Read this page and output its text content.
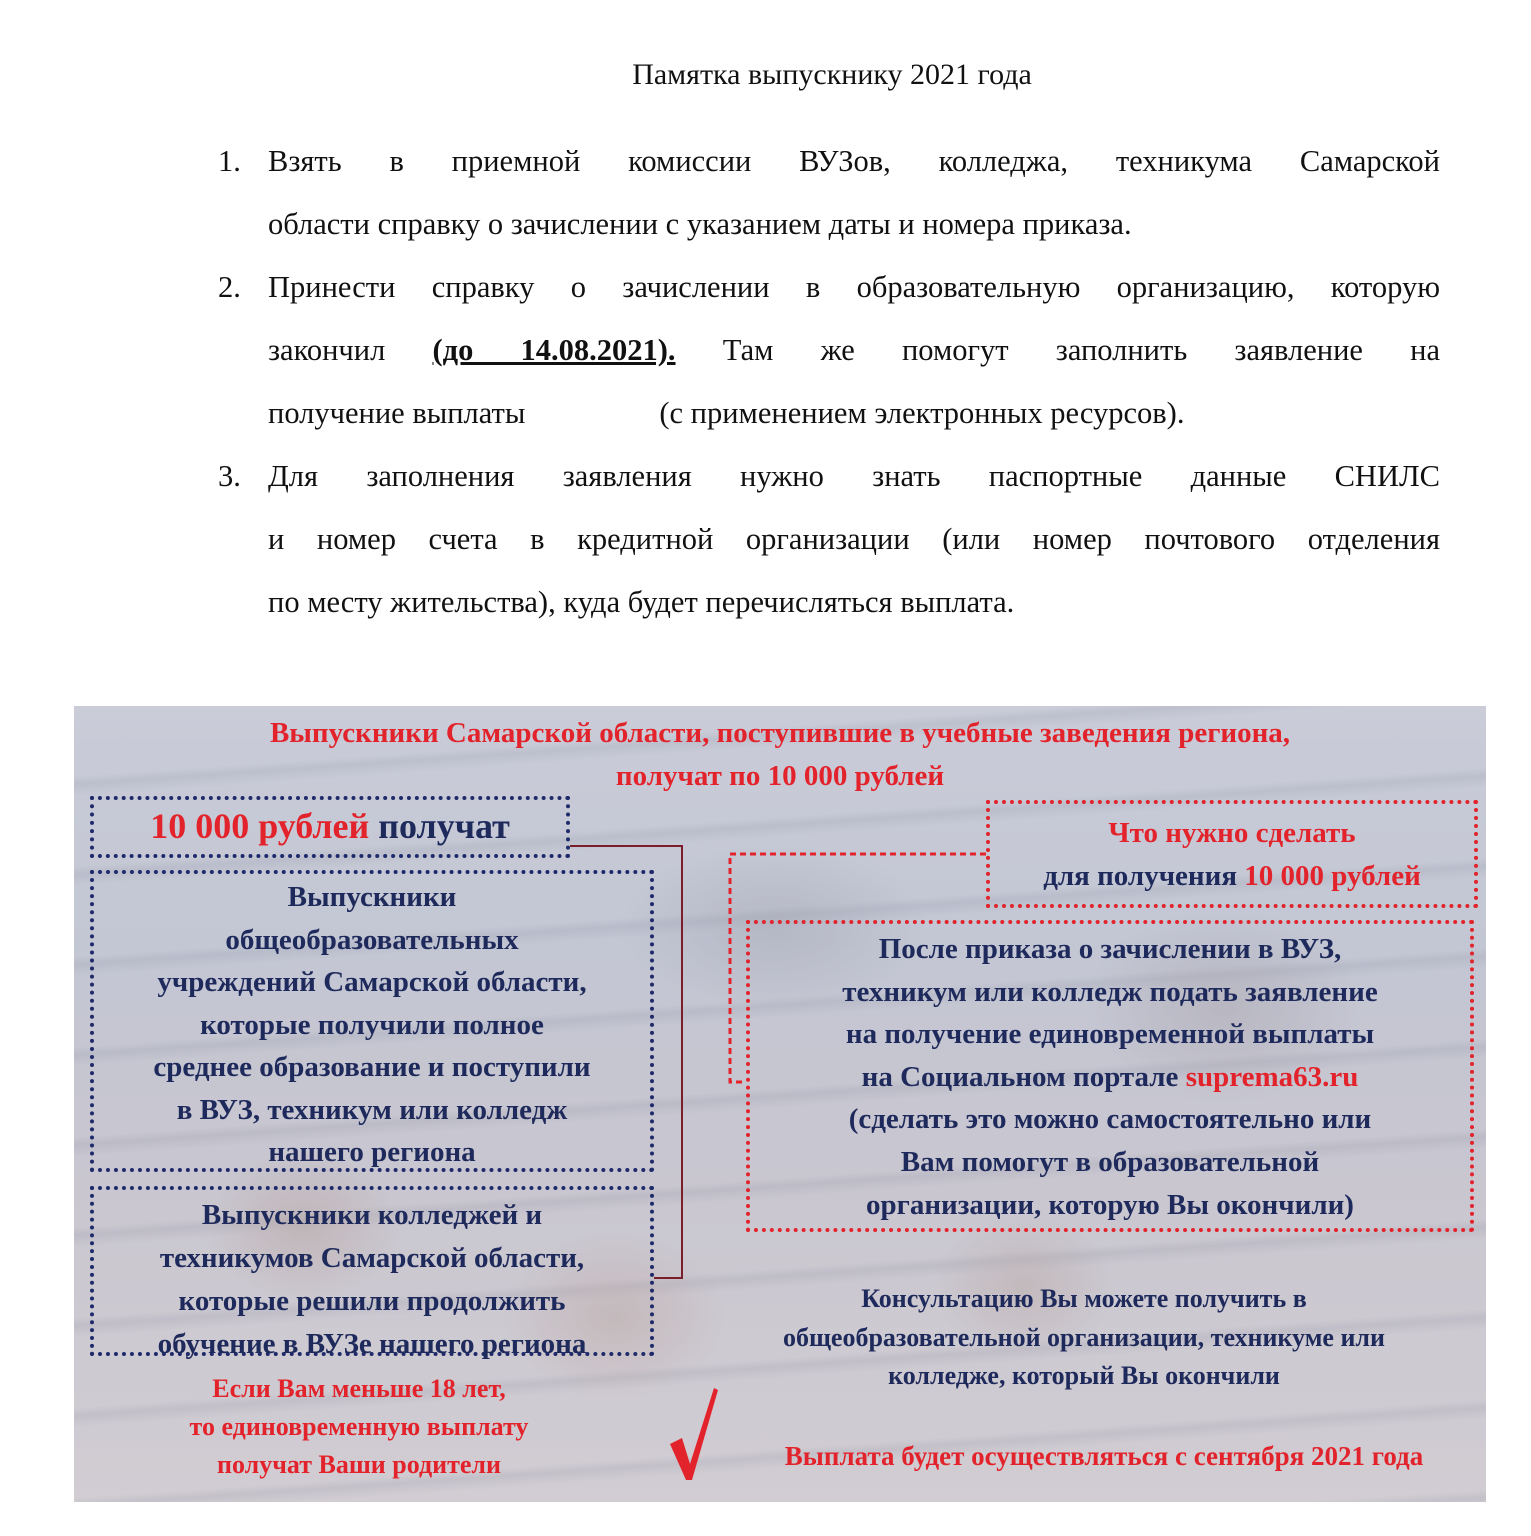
Памятка выпускнику 2021 года
1. Взять в приемной комиссии ВУЗов, колледжа, техникума Самарской
области справку о зачислении с указанием даты и номера приказа.
2. Принести справку о зачислении в образовательную организацию, которую
закончил (до 14.08.2021). Там же помогут заполнить заявление на
получение выплаты	(с применением электронных ресурсов).
3. Для заполнения заявления нужно знать паспортные данные СНИЛС
и номер счета в кредитной организации (или номер почтового отделения
по месту жительства), куда будет перечисляться выплата.
Выпускники Самарской области, поступившие в учебные заведения региона,
получат по 10 000 рублей
10 000 рублей получат
Выпускники
общеобразовательных
учреждений Самарской области,
которые получили полное
среднее образование и поступили
в ВУЗ, техникум или колледж
нашего региона
Выпускники колледжей и
техникумов Самарской области,
которые решили продолжить
обучение в ВУЗе нашего региона
Если Вам меньше 18 лет,
то единовременную выплату
получат Ваши родители
Что нужно сделать
для получения 10 000 рублей
После приказа о зачислении в ВУЗ,
техникум или колледж подать заявление
на получение единовременной выплаты
на Социальном портале suprema63.ru
(сделать это можно самостоятельно или
Вам помогут в образовательной
организации, которую Вы окончили)
Консультацию Вы можете получить в
общеобразовательной организации, техникуме или
колледже, который Вы окончили
Выплата будет осуществляться с сентября 2021 года
